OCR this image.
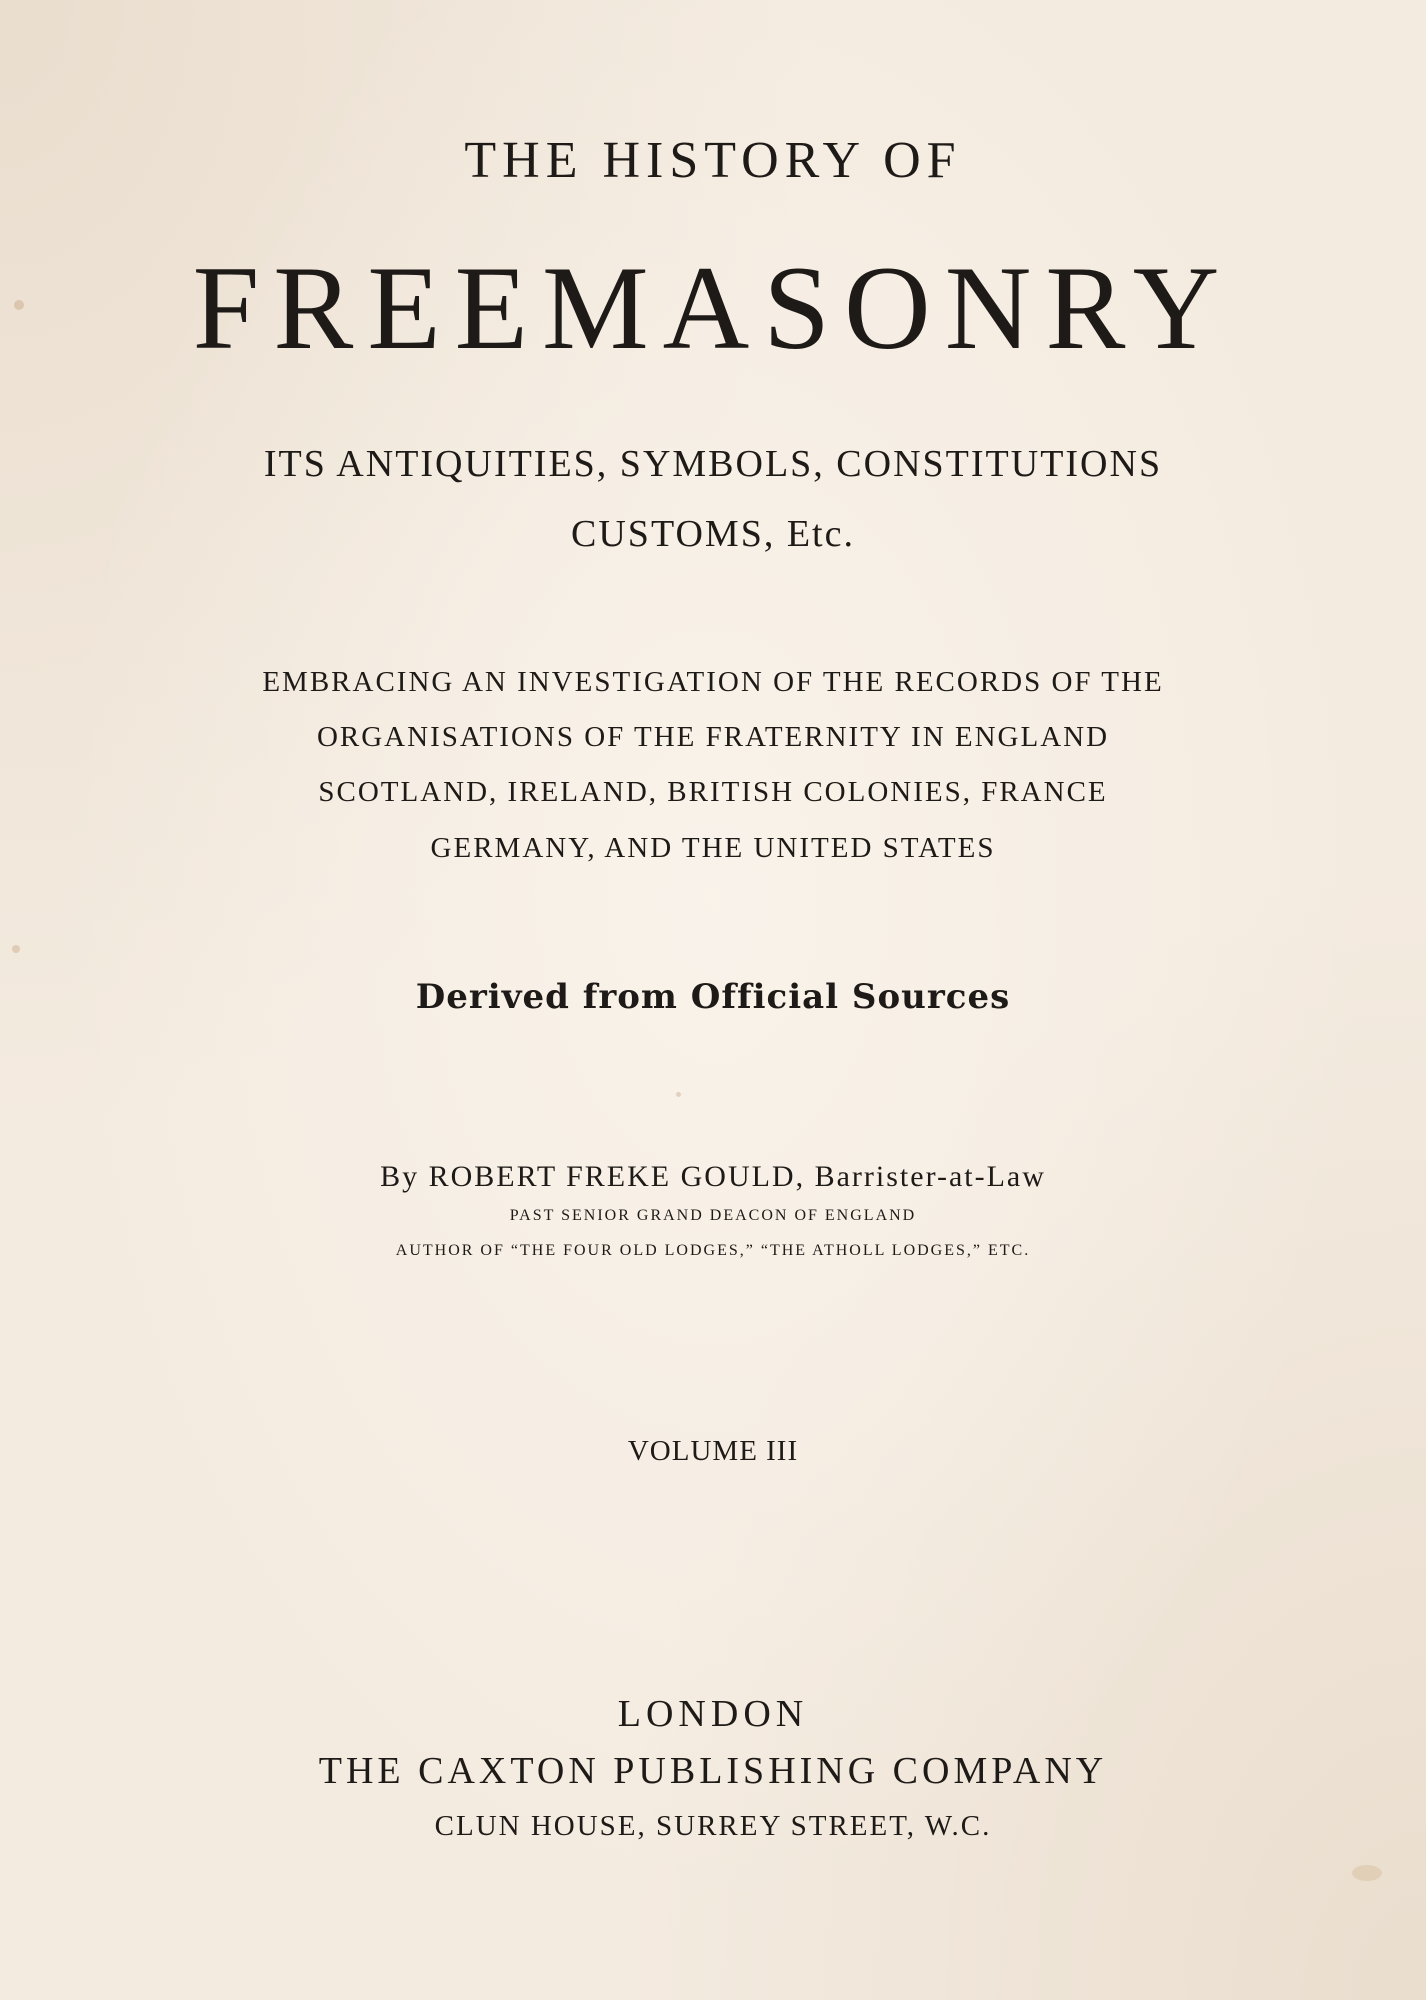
THE HISTORY OF
FREEMASONRY
ITS ANTIQUITIES, SYMBOLS, CONSTITUTIONS
CUSTOMS, Etc.
EMBRACING AN INVESTIGATION OF THE RECORDS OF THE
ORGANISATIONS OF THE FRATERNITY IN ENGLAND
SCOTLAND, IRELAND, BRITISH COLONIES, FRANCE
GERMANY, AND THE UNITED STATES
Derived from Official Sources
By ROBERT FREKE GOULD, Barrister-at-Law
PAST SENIOR GRAND DEACON OF ENGLAND
AUTHOR OF “THE FOUR OLD LODGES,” “THE ATHOLL LODGES,” ETC.
VOLUME III
LONDON
THE CAXTON PUBLISHING COMPANY
CLUN HOUSE, SURREY STREET, W.C.
